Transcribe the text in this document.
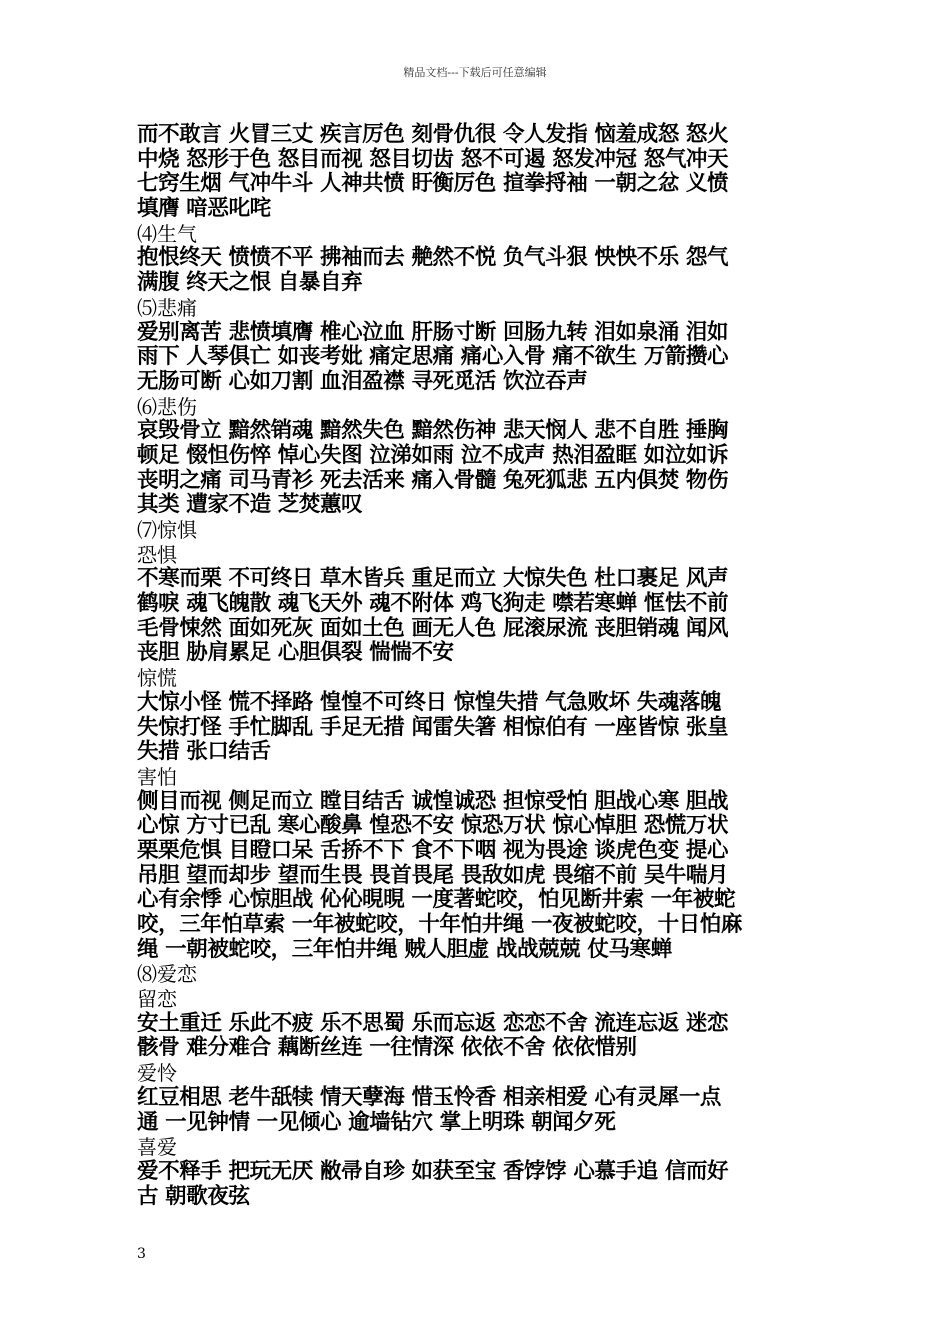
精品文档---下载后可任意编辑
而不敢言 火冒三丈 疾言厉色 刻骨仇很 令人发指 恼羞成怒 怒火
中烧 怒形于色 怒目而视 怒目切齿 怒不可遏 怒发冲冠 怒气冲天
七窍生烟 气冲牛斗 人神共愤 盱衡厉色 揎拳捋袖 一朝之忿 义愤
填膺 喑恶叱咤
⑷生气
抱恨终天 愤愤不平 拂袖而去 艴然不悦 负气斗狠 怏怏不乐 怨气
满腹 终天之恨 自暴自弃
⑸悲痛
爱别离苦 悲愤填膺 椎心泣血 肝肠寸断 回肠九转 泪如泉涌 泪如
雨下 人琴俱亡 如丧考妣 痛定思痛 痛心入骨 痛不欲生 万箭攒心
无肠可断 心如刀割 血泪盈襟 寻死觅活 饮泣吞声
⑹悲伤
哀毁骨立 黯然销魂 黯然失色 黯然伤神 悲天悯人 悲不自胜 捶胸
顿足 惙怛伤悴 悼心失图 泣涕如雨 泣不成声 热泪盈眶 如泣如诉
丧明之痛 司马青衫 死去活来 痛入骨髓 兔死狐悲 五内俱焚 物伤
其类 遭家不造 芝焚蕙叹
⑺惊惧
恐惧
不寒而栗 不可终日 草木皆兵 重足而立 大惊失色 杜口裹足 风声
鹤唳 魂飞魄散 魂飞天外 魂不附体 鸡飞狗走 噤若寒蝉 恇怯不前
毛骨悚然 面如死灰 面如土色 画无人色 屁滚尿流 丧胆销魂 闻风
丧胆 胁肩累足 心胆俱裂 惴惴不安
惊慌
大惊小怪 慌不择路 惶惶不可终日 惊惶失措 气急败坏 失魂落魄
失惊打怪 手忙脚乱 手足无措 闻雷失箸 相惊伯有 一座皆惊 张皇
失措 张口结舌
害怕
侧目而视 侧足而立 瞠目结舌 诚惶诚恐 担惊受怕 胆战心寒 胆战
心惊 方寸已乱 寒心酸鼻 惶恐不安 惊恐万状 惊心悼胆 恐慌万状
栗栗危惧 目瞪口呆 舌挢不下 食不下咽 视为畏途 谈虎色变 提心
吊胆 望而却步 望而生畏 畏首畏尾 畏敌如虎 畏缩不前 吴牛喘月
心有余悸 心惊胆战 伈伈晛晛 一度著蛇咬，怕见断井索 一年被蛇
咬，三年怕草索 一年被蛇咬，十年怕井绳 一夜被蛇咬，十日怕麻
绳 一朝被蛇咬，三年怕井绳 贼人胆虚 战战兢兢 仗马寒蝉
⑻爱恋
留恋
安土重迁 乐此不疲 乐不思蜀 乐而忘返 恋恋不舍 流连忘返 迷恋
骸骨 难分难合 藕断丝连 一往情深 依依不舍 依依惜别
爱怜
红豆相思 老牛舐犊 情天孽海 惜玉怜香 相亲相爱 心有灵犀一点
通 一见钟情 一见倾心 逾墙钻穴 掌上明珠 朝闻夕死
喜爱
爱不释手 把玩无厌 敝帚自珍 如获至宝 香饽饽 心慕手追 信而好
古 朝歌夜弦
3
